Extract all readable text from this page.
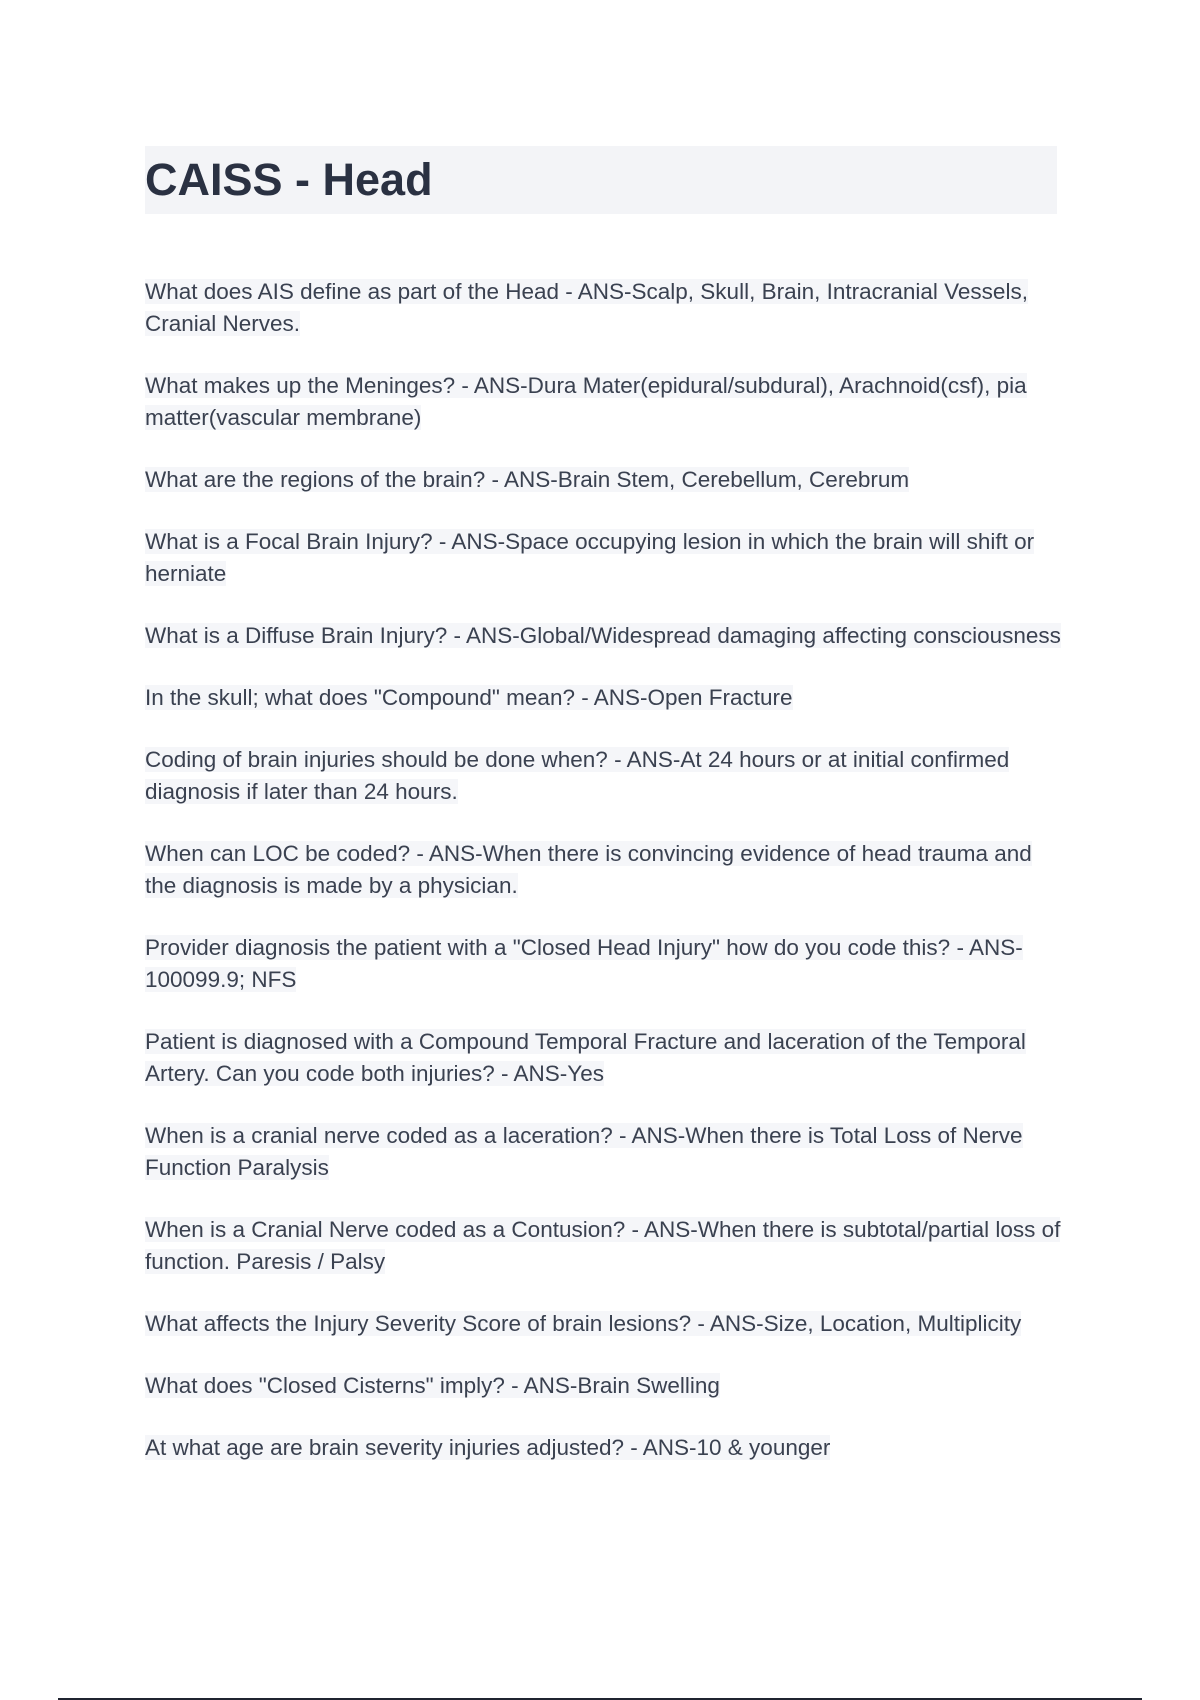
CAISS - Head
What does AIS define as part of the Head - ANS-Scalp, Skull, Brain, Intracranial Vessels, Cranial Nerves.
What makes up the Meninges? - ANS-Dura Mater(epidural/subdural), Arachnoid(csf), pia matter(vascular membrane)
What are the regions of the brain? - ANS-Brain Stem, Cerebellum, Cerebrum
What is a Focal Brain Injury? - ANS-Space occupying lesion in which the brain will shift or herniate
What is a Diffuse Brain Injury? - ANS-Global/Widespread damaging affecting consciousness
In the skull; what does "Compound" mean? - ANS-Open Fracture
Coding of brain injuries should be done when? - ANS-At 24 hours or at initial confirmed diagnosis if later than 24 hours.
When can LOC be coded? - ANS-When there is convincing evidence of head trauma and the diagnosis is made by a physician.
Provider diagnosis the patient with a "Closed Head Injury" how do you code this? - ANS-100099.9; NFS
Patient is diagnosed with a Compound Temporal Fracture and laceration of the Temporal Artery. Can you code both injuries? - ANS-Yes
When is a cranial nerve coded as a laceration? - ANS-When there is Total Loss of Nerve Function Paralysis
When is a Cranial Nerve coded as a Contusion? - ANS-When there is subtotal/partial loss of function. Paresis / Palsy
What affects the Injury Severity Score of brain lesions? - ANS-Size, Location, Multiplicity
What does "Closed Cisterns" imply? - ANS-Brain Swelling
At what age are brain severity injuries adjusted? - ANS-10 & younger
